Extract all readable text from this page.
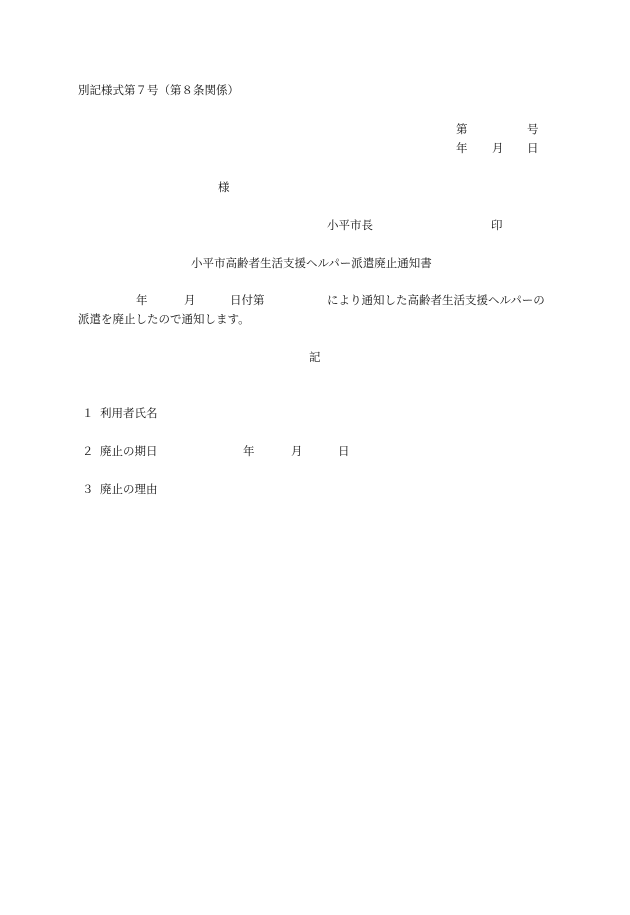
別記様式第７号（第８条関係）
第	号
年 月 日
様
小平市長	印
小平市高齢者生活支援ヘルパー派遣廃止通知書
年	月	日付第	により通知した高齢者生活支援ヘルパーの
派遣を廃止したので通知します。
記
１ 利用者氏名
２ 廃止の期日	年	月	日
３ 廃止の理由
